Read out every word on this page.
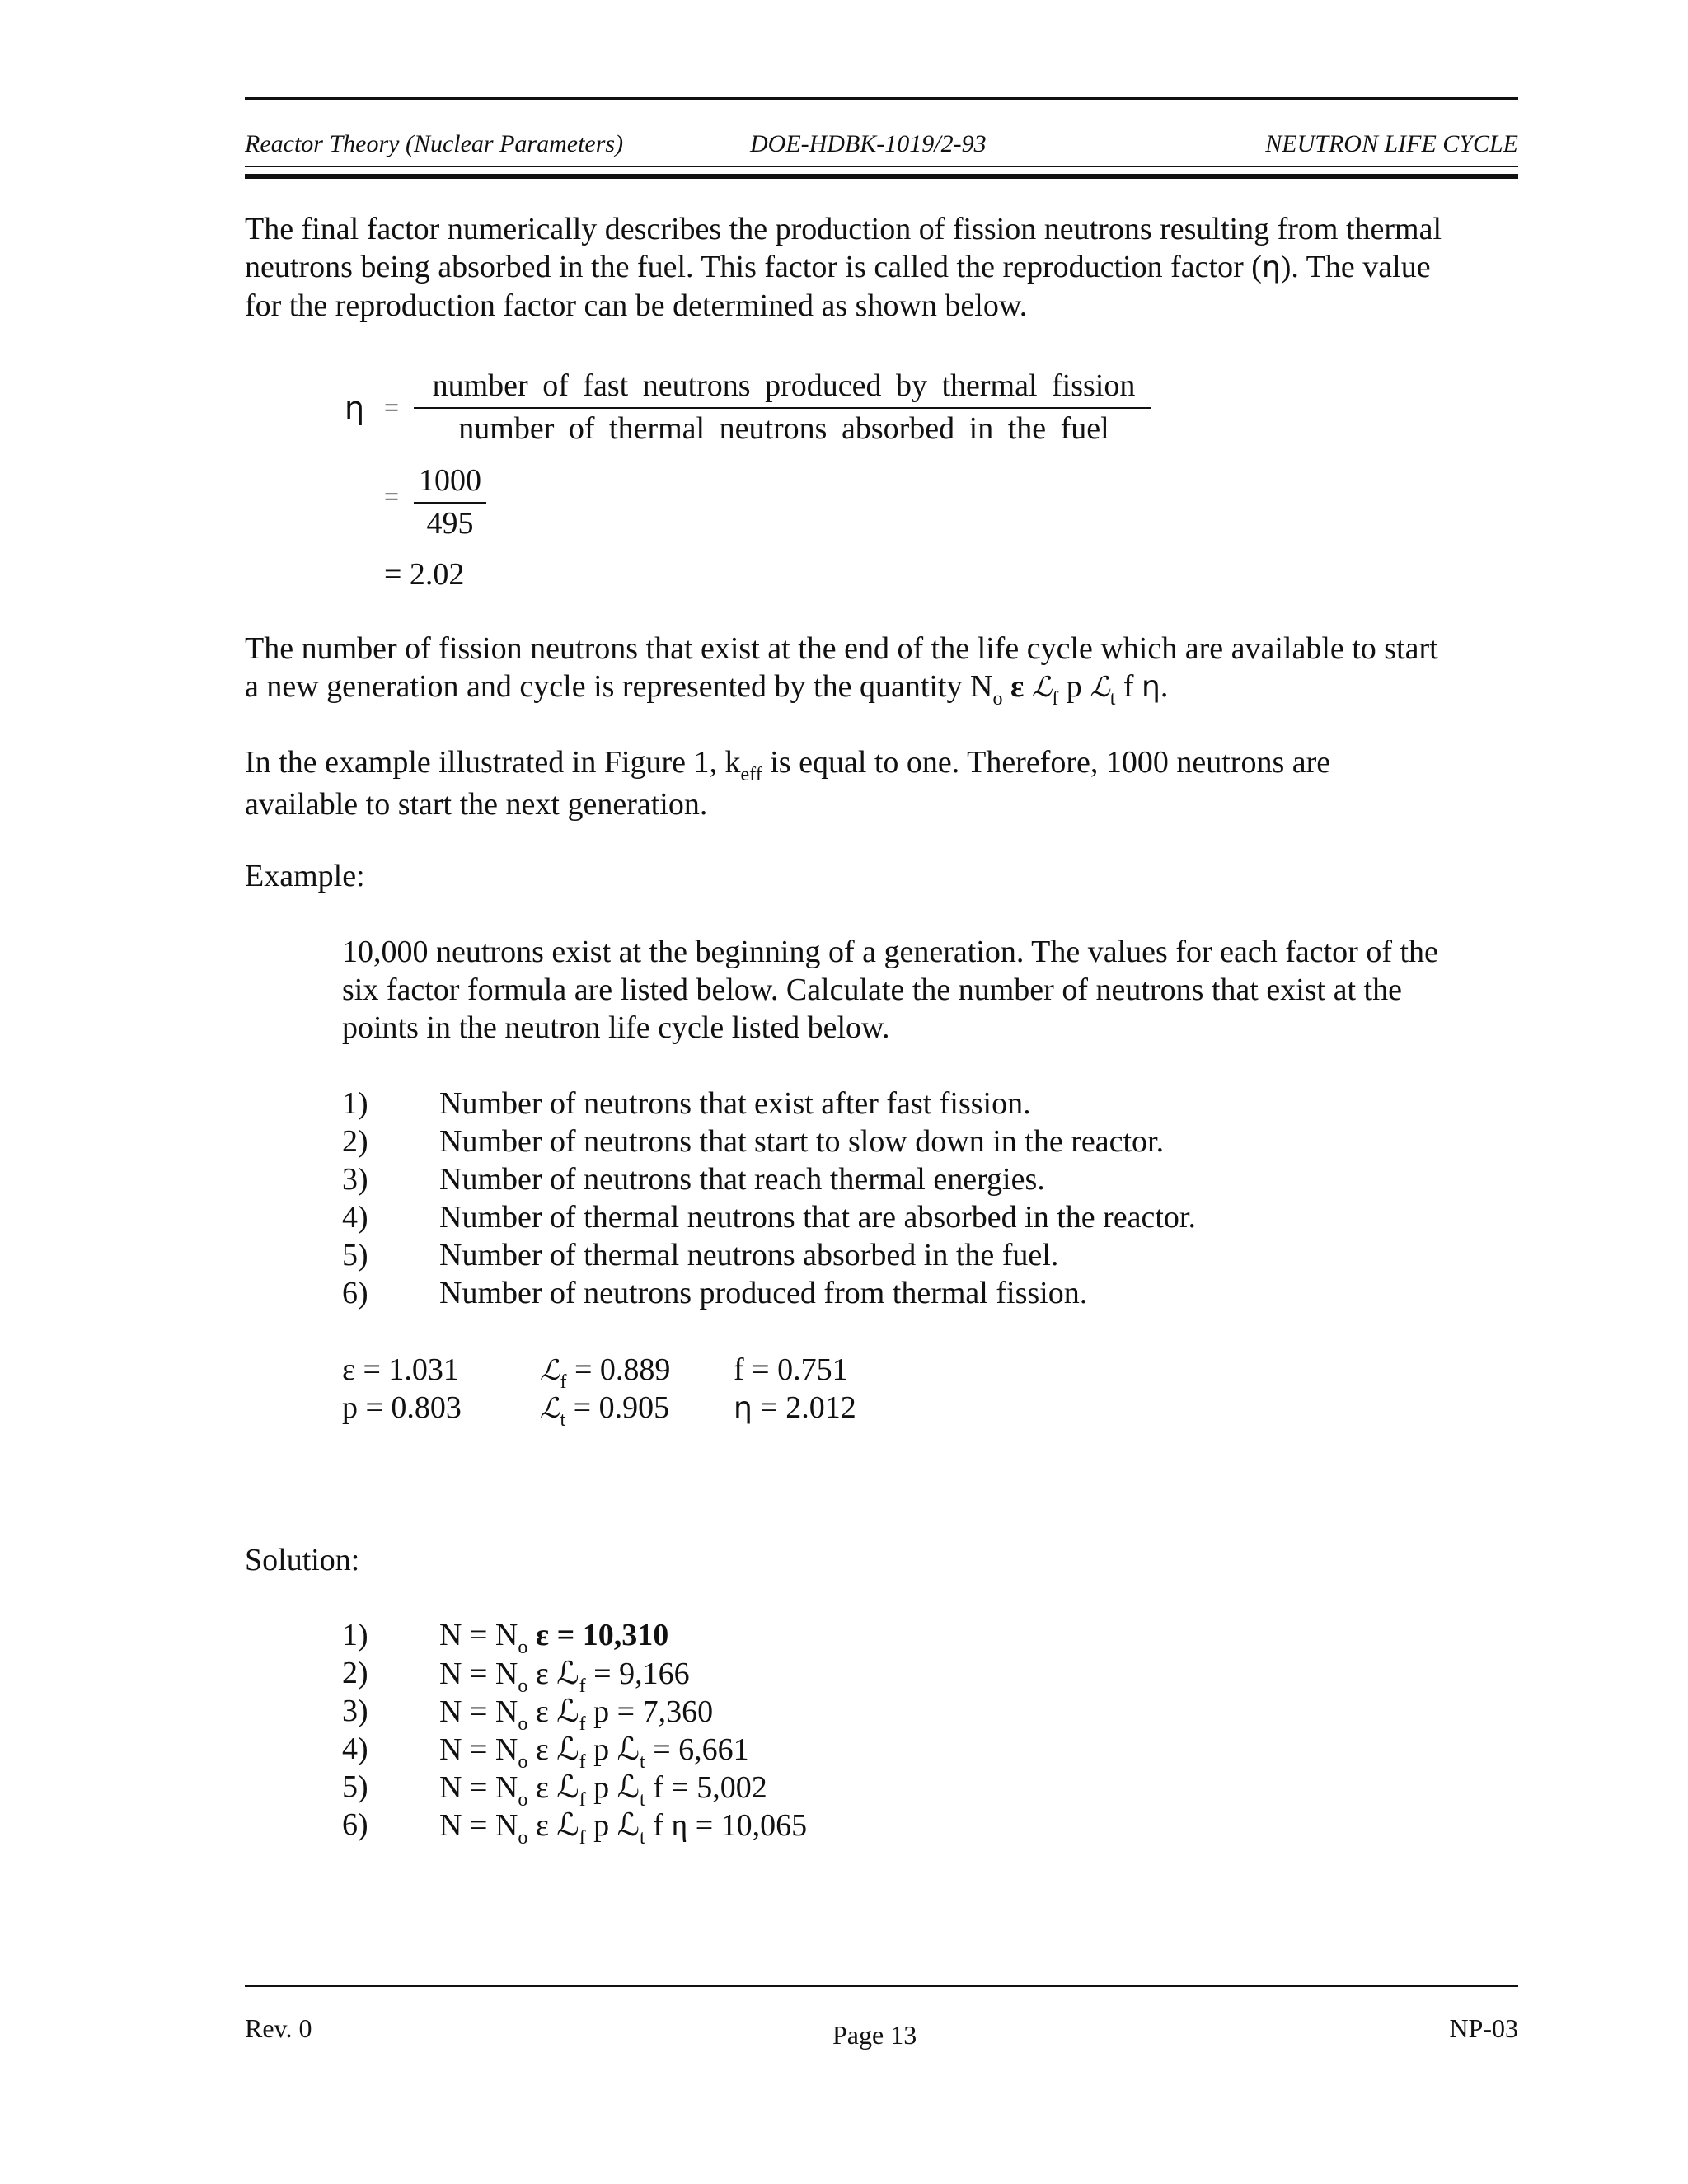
Reactor Theory (Nuclear Parameters)	DOE-HDBK-1019/2-93	NEUTRON LIFE CYCLE
The final factor numerically describes the production of fission neutrons resulting from thermal
neutrons being absorbed in the fuel. This factor is called the reproduction factor (η). The value
for the reproduction factor can be determined as shown below.
η =
number of fast neutrons produced by thermal fission
number of thermal neutrons absorbed in the fuel
= 1000
495
= 2.02
The number of fission neutrons that exist at the end of the life cycle which are available to start
a new generation and cycle is represented by the quantity $N_o$ ε ℒ$_f$ p ℒ$_t$ f η.
In the example illustrated in Figure 1, $k_{eff}$ is equal to one. Therefore, 1000 neutrons are
available to start the next generation.
Example:
10,000 neutrons exist at the beginning of a generation. The values for each factor of the
six factor formula are listed below. Calculate the number of neutrons that exist at the
points in the neutron life cycle listed below.
1) Number of neutrons that exist after fast fission.
2) Number of neutrons that start to slow down in the reactor.
3) Number of neutrons that reach thermal energies.
4) Number of thermal neutrons that are absorbed in the reactor.
5) Number of thermal neutrons absorbed in the fuel.
6) Number of neutrons produced from thermal fission.
ε = 1.031	ℒ$_f$ = 0.889 f = 0.751
p = 0.803	ℒ$_t$ = 0.905 η = 2.012
Solution:
1) $N = N_o$ ε = 10,310
2) $N = N_o$ ε ℒ$_f$ = 9,166
3) $N = N_o$ ε ℒ$_f$ p = 7,360
4) $N = N_o$ ε ℒ$_f$ p ℒ$_t$ = 6,661
5) $N = N_o$ ε ℒ$_f$ p ℒ$_t$ f = 5,002
6) $N = N_o$ ε ℒ$_f$ p ℒ$_t$ f η = 10,065
Rev. 0	Page 13	NP-03
